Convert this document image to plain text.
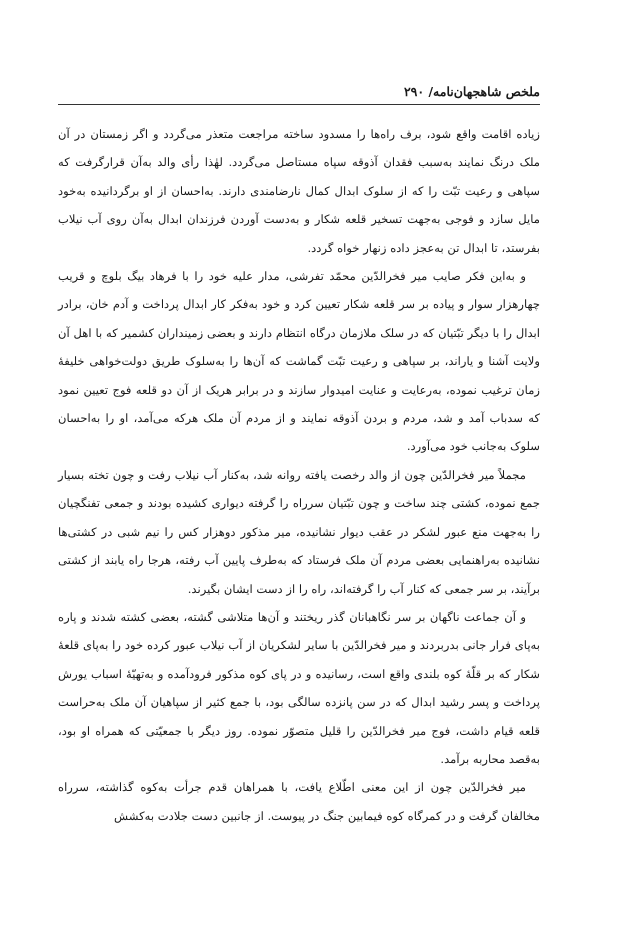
ملخص شاهجهان‌نامه/ ۲۹۰

زیاده اقامت واقع شود، برف راه‌ها را مسدود ساخته مراجعت متعذر می‌گردد و اگر زمستان در آن ملک درنگ نمایند به‌سبب فقدان آذوقه سپاه مستاصل می‌گردد. لهٰذا رأی والد به‌آن قرارگرفت که سپاهی و رعیت تبّت را که از سلوک ابدال کمال نارضامندی دارند. به‌احسان از او برگردانیده به‌خود مایل سازد و فوجی به‌جهت تسخیر قلعه شکار و به‌دست آوردن فرزندان ابدال به‌آن روی آب نیلاب بفرستد، تا ابدال تن به‌عجز داده زنهار خواه گردد.

و به‌این فکر صایب میر فخرالدّین محمّد تفرشی، مدار علیه خود را با فرهاد بیگ بلوچ و قریب چهارهزار سوار و پیاده بر سر قلعه شکار تعیین کرد و خود به‌فکر کار ابدال پرداخت و آدم خان، برادر ابدال را با دیگر تبّتیان که در سلک ملازمان درگاه انتظام دارند و بعضی زمینداران کشمیر که با اهل آن ولایت آشنا و یاراند، بر سپاهی و رعیت تبّت گماشت که آن‌ها را به‌سلوک طریق دولت‌خواهی خلیفهٔ زمان ترغیب نموده، به‌رعایت و عنایت امیدوار سازند و در برابر هریک از آن دو قلعه فوج تعیین نمود که سدباب آمد و شد، مردم و بردن آذوقه نمایند و از مردم آن ملک هرکه می‌آمد، او را به‌احسان سلوک به‌جانب خود می‌آورد.

مجملاً میر فخرالدّین چون از والد رخصت یافته روانه شد، به‌کنار آب نیلاب رفت و چون تخته بسیار جمع نموده، کشتی چند ساخت و چون تبّتیان سرراه را گرفته دیواری کشیده بودند و جمعی تفنگچیان را به‌جهت منع عبور لشکر در عقب دیوار نشانیده، میر مذکور دوهزار کس را نیم شبی در کشتی‌ها نشانیده به‌راهنمایی بعضی مردم آن ملک فرستاد که به‌طرف پایین آب رفته، هرجا راه یابند از کشتی برآیند، بر سر جمعی که کنار آب را گرفته‌اند، راه را از دست ایشان بگیرند.

و آن جماعت ناگهان بر سر نگاهبانان گذر ریختند و آن‌ها متلاشی گشته، بعضی کشته شدند و پاره به‌پای فرار جانی بدربردند و میر فخرالدّین با سایر لشکریان از آب نیلاب عبور کرده خود را به‌پای قلعهٔ شکار که بر قلّهٔ کوه بلندی واقع است، رسانیده و در پای کوه مذکور فرودآمده و به‌تهیّهٔ اسباب یورش پرداخت و پسر رشید ابدال که در سن پانزده سالگی بود، با جمع کثیر از سپاهیان آن ملک به‌حراست قلعه قیام داشت، فوج میر فخرالدّین را قلیل متصوّر نموده. روز دیگر با جمعیّتی که همراه او بود، به‌قصد محاربه برآمد.

میر فخرالدّین چون از این معنی اطّلاع یافت، با همراهان قدم جرأت به‌کوه گذاشته، سرراه مخالفان گرفت و در کمرگاه کوه فیمابین جنگ در پیوست. از جانبین دست جلادت به‌کشش
